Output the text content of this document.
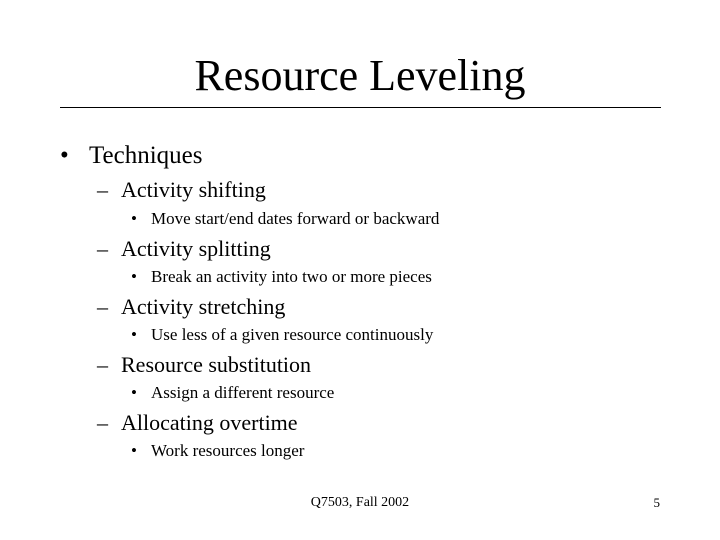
Resource Leveling
• Techniques
– Activity shifting
• Move start/end dates forward or backward
– Activity splitting
• Break an activity into two or more pieces
– Activity stretching
• Use less of a given resource continuously
– Resource substitution
• Assign a different resource
– Allocating overtime
• Work resources longer
Q7503, Fall 2002	5
